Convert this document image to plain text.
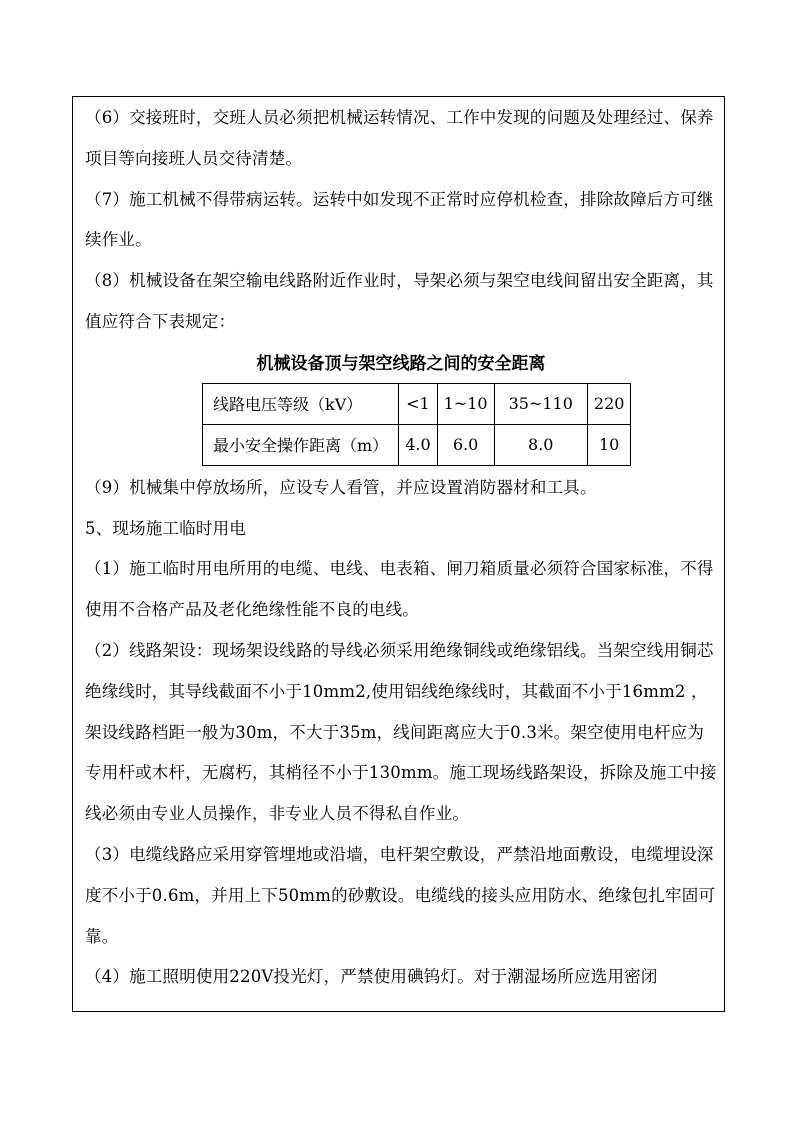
（6）交接班时，交班人员必须把机械运转情况、工作中发现的问题及处理经过、保养项目等向接班人员交待清楚。

（7）施工机械不得带病运转。运转中如发现不正常时应停机检查，排除故障后方可继续作业。

（8）机械设备在架空输电线路附近作业时，导架必须与架空电线间留出安全距离，其值应符合下表规定：

机械设备顶与架空线路之间的安全距离
线路电压等级（kV）	<1	1~10	35~110	220
最小安全操作距离（m）	4.0	6.0	8.0	10

（9）机械集中停放场所，应设专人看管，并应设置消防器材和工具。

5、现场施工临时用电

（1）施工临时用电所用的电缆、电线、电表箱、闸刀箱质量必须符合国家标准，不得使用不合格产品及老化绝缘性能不良的电线。

（2）线路架设：现场架设线路的导线必须采用绝缘铜线或绝缘铝线。当架空线用铜芯绝缘线时，其导线截面不小于10mm2,使用铝线绝缘线时，其截面不小于16mm2 ，架设线路档距一般为30m，不大于35m，线间距离应大于0.3米。架空使用电杆应为专用杆或木杆，无腐朽，其梢径不小于130mm。施工现场线路架设，拆除及施工中接线必须由专业人员操作，非专业人员不得私自作业。

（3）电缆线路应采用穿管埋地或沿墙，电杆架空敷设，严禁沿地面敷设，电缆埋设深度不小于0.6m，并用上下50mm的砂敷设。电缆线的接头应用防水、绝缘包扎牢固可靠。

（4）施工照明使用220V投光灯，严禁使用碘钨灯。对于潮湿场所应选用密闭
